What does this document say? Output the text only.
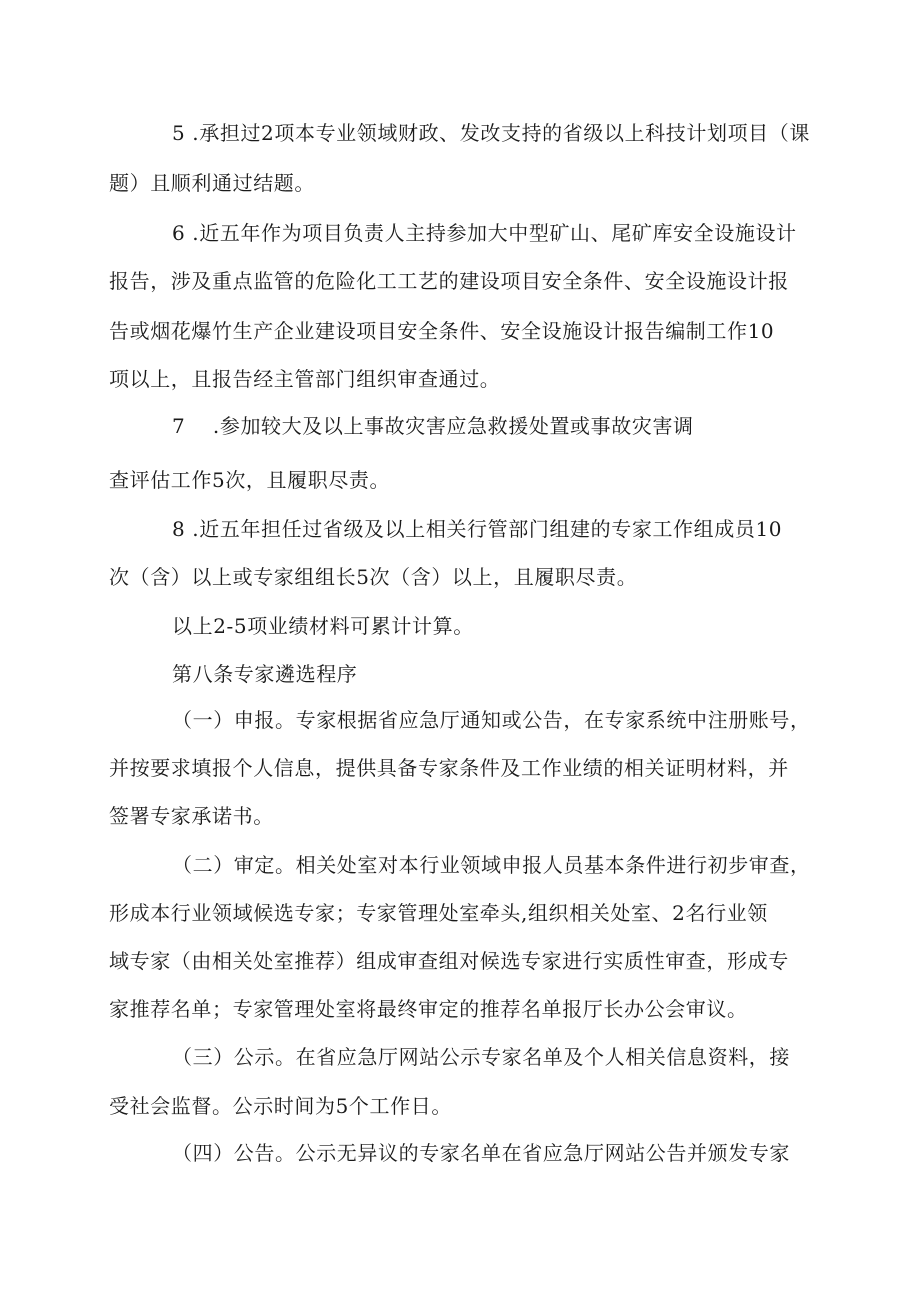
5 .承担过2项本专业领域财政、发改支持的省级以上科技计划项目（课
题）且顺利通过结题。
6 .近五年作为项目负责人主持参加大中型矿山、尾矿库安全设施设计
报告，涉及重点监管的危险化工工艺的建设项目安全条件、安全设施设计报
告或烟花爆竹生产企业建设项目安全条件、安全设施设计报告编制工作10
项以上，且报告经主管部门组织审查通过。
7　 .参加较大及以上事故灾害应急救援处置或事故灾害调
查评估工作5次，且履职尽责。
8 .近五年担任过省级及以上相关行管部门组建的专家工作组成员10
次（含）以上或专家组组长5次（含）以上，且履职尽责。
以上2-5项业绩材料可累计计算。
第八条专家遴选程序
（一）申报。专家根据省应急厅通知或公告，在专家系统中注册账号，
并按要求填报个人信息，提供具备专家条件及工作业绩的相关证明材料，并
签署专家承诺书。
（二）审定。相关处室对本行业领域申报人员基本条件进行初步审查，
形成本行业领域候选专家；专家管理处室牵头,组织相关处室、2名行业领
域专家（由相关处室推荐）组成审查组对候选专家进行实质性审查，形成专
家推荐名单；专家管理处室将最终审定的推荐名单报厅长办公会审议。
（三）公示。在省应急厅网站公示专家名单及个人相关信息资料，接
受社会监督。公示时间为5个工作日。
（四）公告。公示无异议的专家名单在省应急厅网站公告并颁发专家
